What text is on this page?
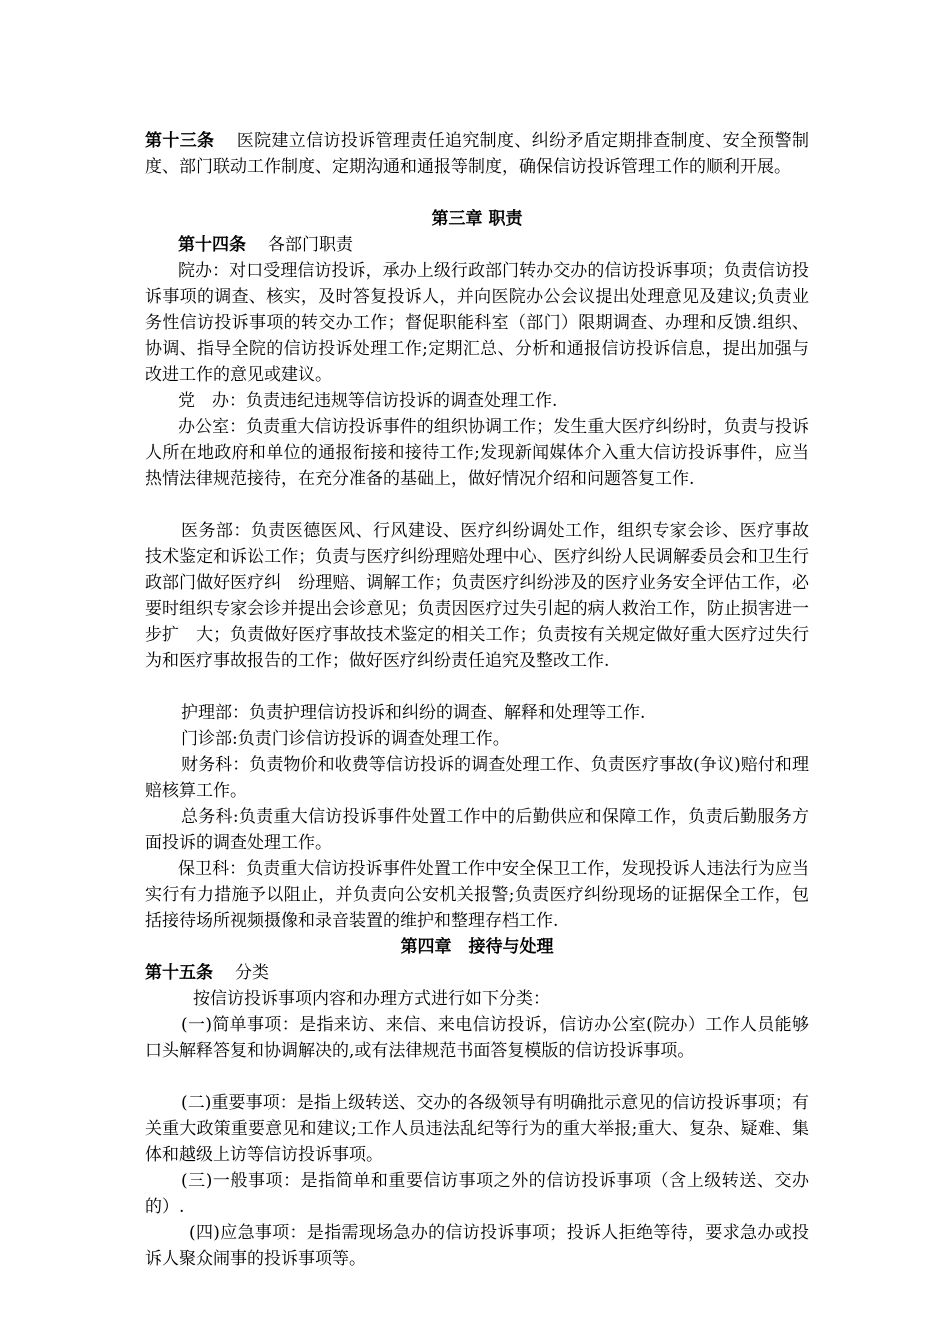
第十三条 医院建立信访投诉管理责任追究制度、纠纷矛盾定期排查制度、安全预警制度、部门联动工作制度、定期沟通和通报等制度，确保信访投诉管理工作的顺利开展。

第三章 职责

第十四条 各部门职责

院办：对口受理信访投诉，承办上级行政部门转办交办的信访投诉事项；负责信访投诉事项的调查、核实，及时答复投诉人，并向医院办公会议提出处理意见及建议;负责业务性信访投诉事项的转交办工作；督促职能科室（部门）限期调查、办理和反馈.组织、协调、指导全院的信访投诉处理工作;定期汇总、分析和通报信访投诉信息，提出加强与改进工作的意见或建议。

党　办：负责违纪违规等信访投诉的调查处理工作.

办公室：负责重大信访投诉事件的组织协调工作；发生重大医疗纠纷时，负责与投诉人所在地政府和单位的通报衔接和接待工作;发现新闻媒体介入重大信访投诉事件，应当热情法律规范接待，在充分准备的基础上，做好情况介绍和问题答复工作.

医务部：负责医德医风、行风建设、医疗纠纷调处工作，组织专家会诊、医疗事故技术鉴定和诉讼工作；负责与医疗纠纷理赔处理中心、医疗纠纷人民调解委员会和卫生行政部门做好医疗纠　纷理赔、调解工作；负责医疗纠纷涉及的医疗业务安全评估工作，必要时组织专家会诊并提出会诊意见；负责因医疗过失引起的病人救治工作，防止损害进一步扩　大；负责做好医疗事故技术鉴定的相关工作；负责按有关规定做好重大医疗过失行为和医疗事故报告的工作；做好医疗纠纷责任追究及整改工作.

护理部：负责护理信访投诉和纠纷的调查、解释和处理等工作.

门诊部:负责门诊信访投诉的调查处理工作。

财务科：负责物价和收费等信访投诉的调查处理工作、负责医疗事故(争议)赔付和理赔核算工作。

总务科:负责重大信访投诉事件处置工作中的后勤供应和保障工作，负责后勤服务方面投诉的调查处理工作。

保卫科：负责重大信访投诉事件处置工作中安全保卫工作，发现投诉人违法行为应当实行有力措施予以阻止，并负责向公安机关报警;负责医疗纠纷现场的证据保全工作，包括接待场所视频摄像和录音装置的维护和整理存档工作.

第四章　接待与处理

第十五条 分类

按信访投诉事项内容和办理方式进行如下分类：

(一)简单事项：是指来访、来信、来电信访投诉，信访办公室(院办）工作人员能够口头解释答复和协调解决的,或有法律规范书面答复模版的信访投诉事项。

(二)重要事项：是指上级转送、交办的各级领导有明确批示意见的信访投诉事项；有关重大政策重要意见和建议;工作人员违法乱纪等行为的重大举报;重大、复杂、疑难、集体和越级上访等信访投诉事项。

(三)一般事项：是指简单和重要信访事项之外的信访投诉事项（含上级转送、交办的）.

(四)应急事项：是指需现场急办的信访投诉事项；投诉人拒绝等待，要求急办或投诉人聚众闹事的投诉事项等。
